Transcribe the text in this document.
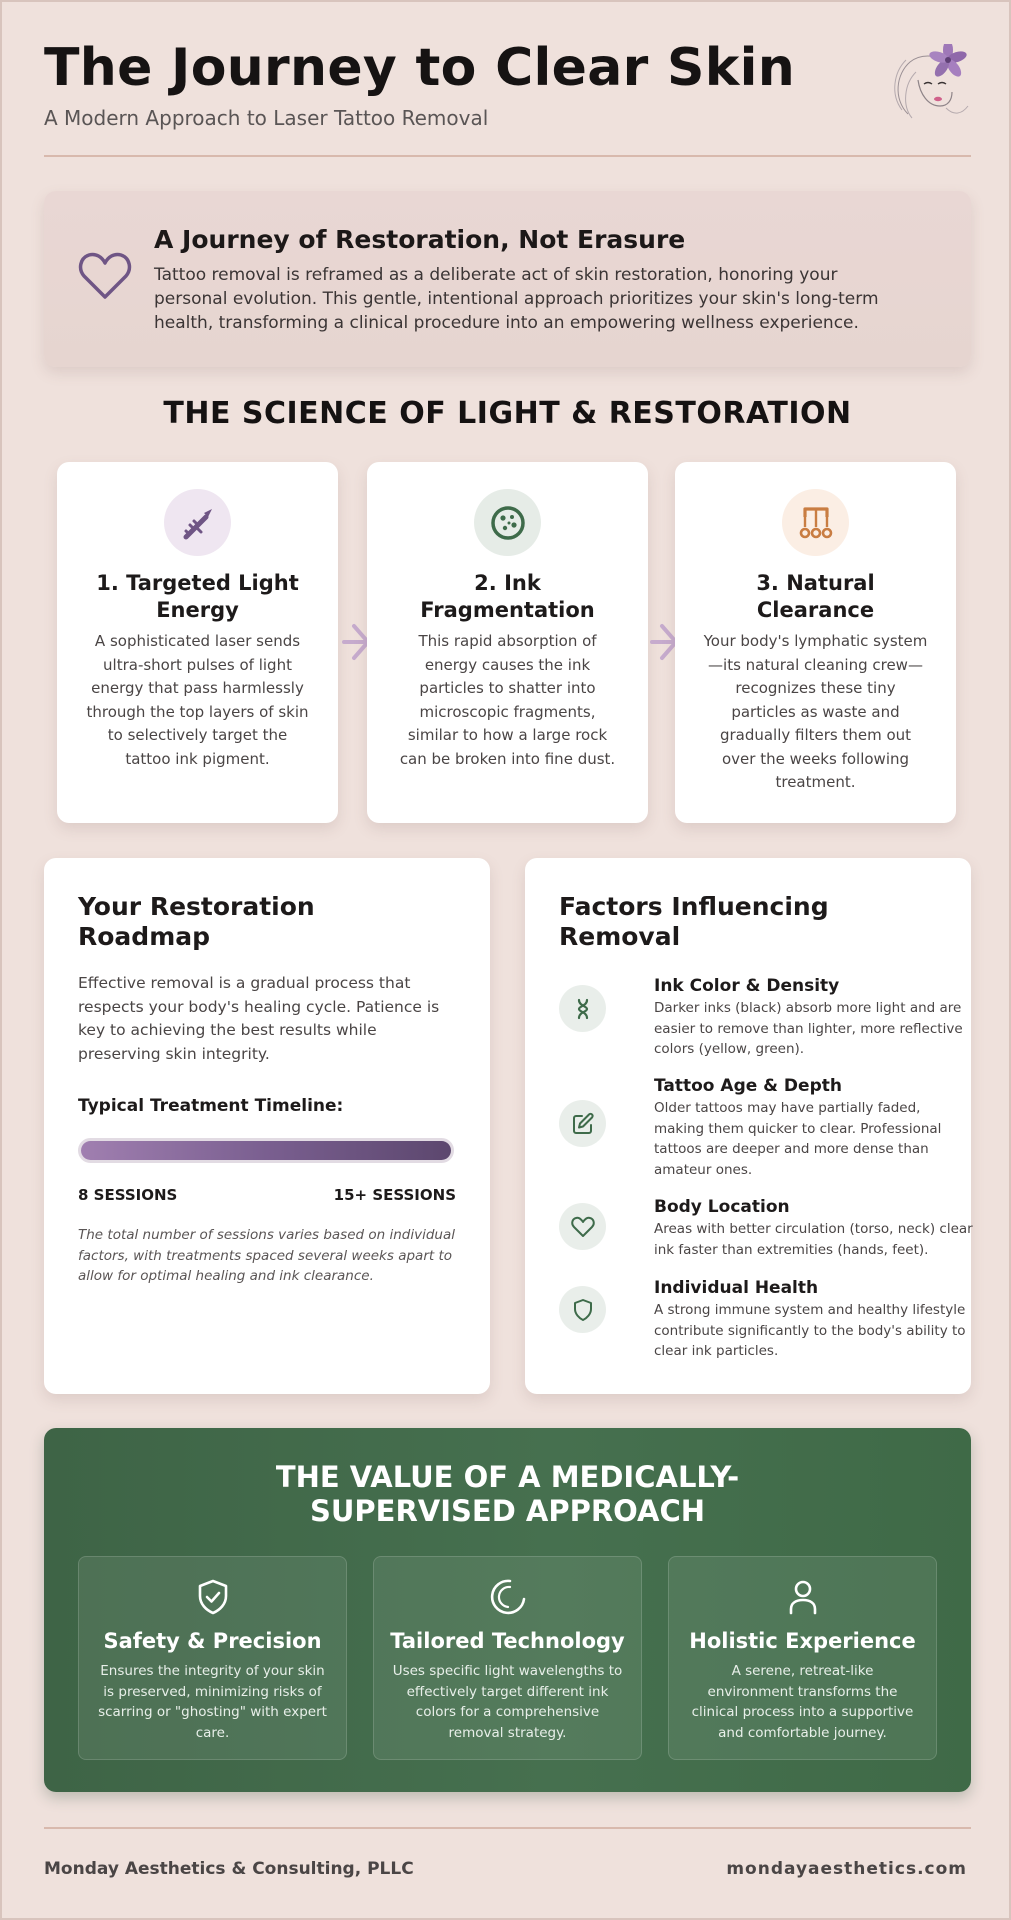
The Journey to Clear Skin
A Modern Approach to Laser Tattoo Removal
A Journey of Restoration, Not Erasure
Tattoo removal is reframed as a deliberate act of skin restoration, honoring your personal evolution. This gentle, intentional approach prioritizes your skin's long-term health, transforming a clinical procedure into an empowering wellness experience.
THE SCIENCE OF LIGHT & RESTORATION
1. Targeted Light Energy
A sophisticated laser sends ultra-short pulses of light energy that pass harmlessly through the top layers of skin to selectively target the tattoo ink pigment.
2. Ink Fragmentation
This rapid absorption of energy causes the ink particles to shatter into microscopic fragments, similar to how a large rock can be broken into fine dust.
3. Natural Clearance
Your body's lymphatic system—its natural cleaning crew—recognizes these tiny particles as waste and gradually filters them out over the weeks following treatment.
Your Restoration Roadmap
Effective removal is a gradual process that respects your body's healing cycle. Patience is key to achieving the best results while preserving skin integrity.
Typical Treatment Timeline:
8 SESSIONS	15+ SESSIONS
The total number of sessions varies based on individual factors, with treatments spaced several weeks apart to allow for optimal healing and ink clearance.
Factors Influencing Removal
Ink Color & Density
Darker inks (black) absorb more light and are easier to remove than lighter, more reflective colors (yellow, green).
Tattoo Age & Depth
Older tattoos may have partially faded, making them quicker to clear. Professional tattoos are deeper and more dense than amateur ones.
Body Location
Areas with better circulation (torso, neck) clear ink faster than extremities (hands, feet).
Individual Health
A strong immune system and healthy lifestyle contribute significantly to the body's ability to clear ink particles.
THE VALUE OF A MEDICALLY-SUPERVISED APPROACH
Safety & Precision
Ensures the integrity of your skin is preserved, minimizing risks of scarring or "ghosting" with expert care.
Tailored Technology
Uses specific light wavelengths to effectively target different ink colors for a comprehensive removal strategy.
Holistic Experience
A serene, retreat-like environment transforms the clinical process into a supportive and comfortable journey.
Monday Aesthetics & Consulting, PLLC	mondayaesthetics.com
